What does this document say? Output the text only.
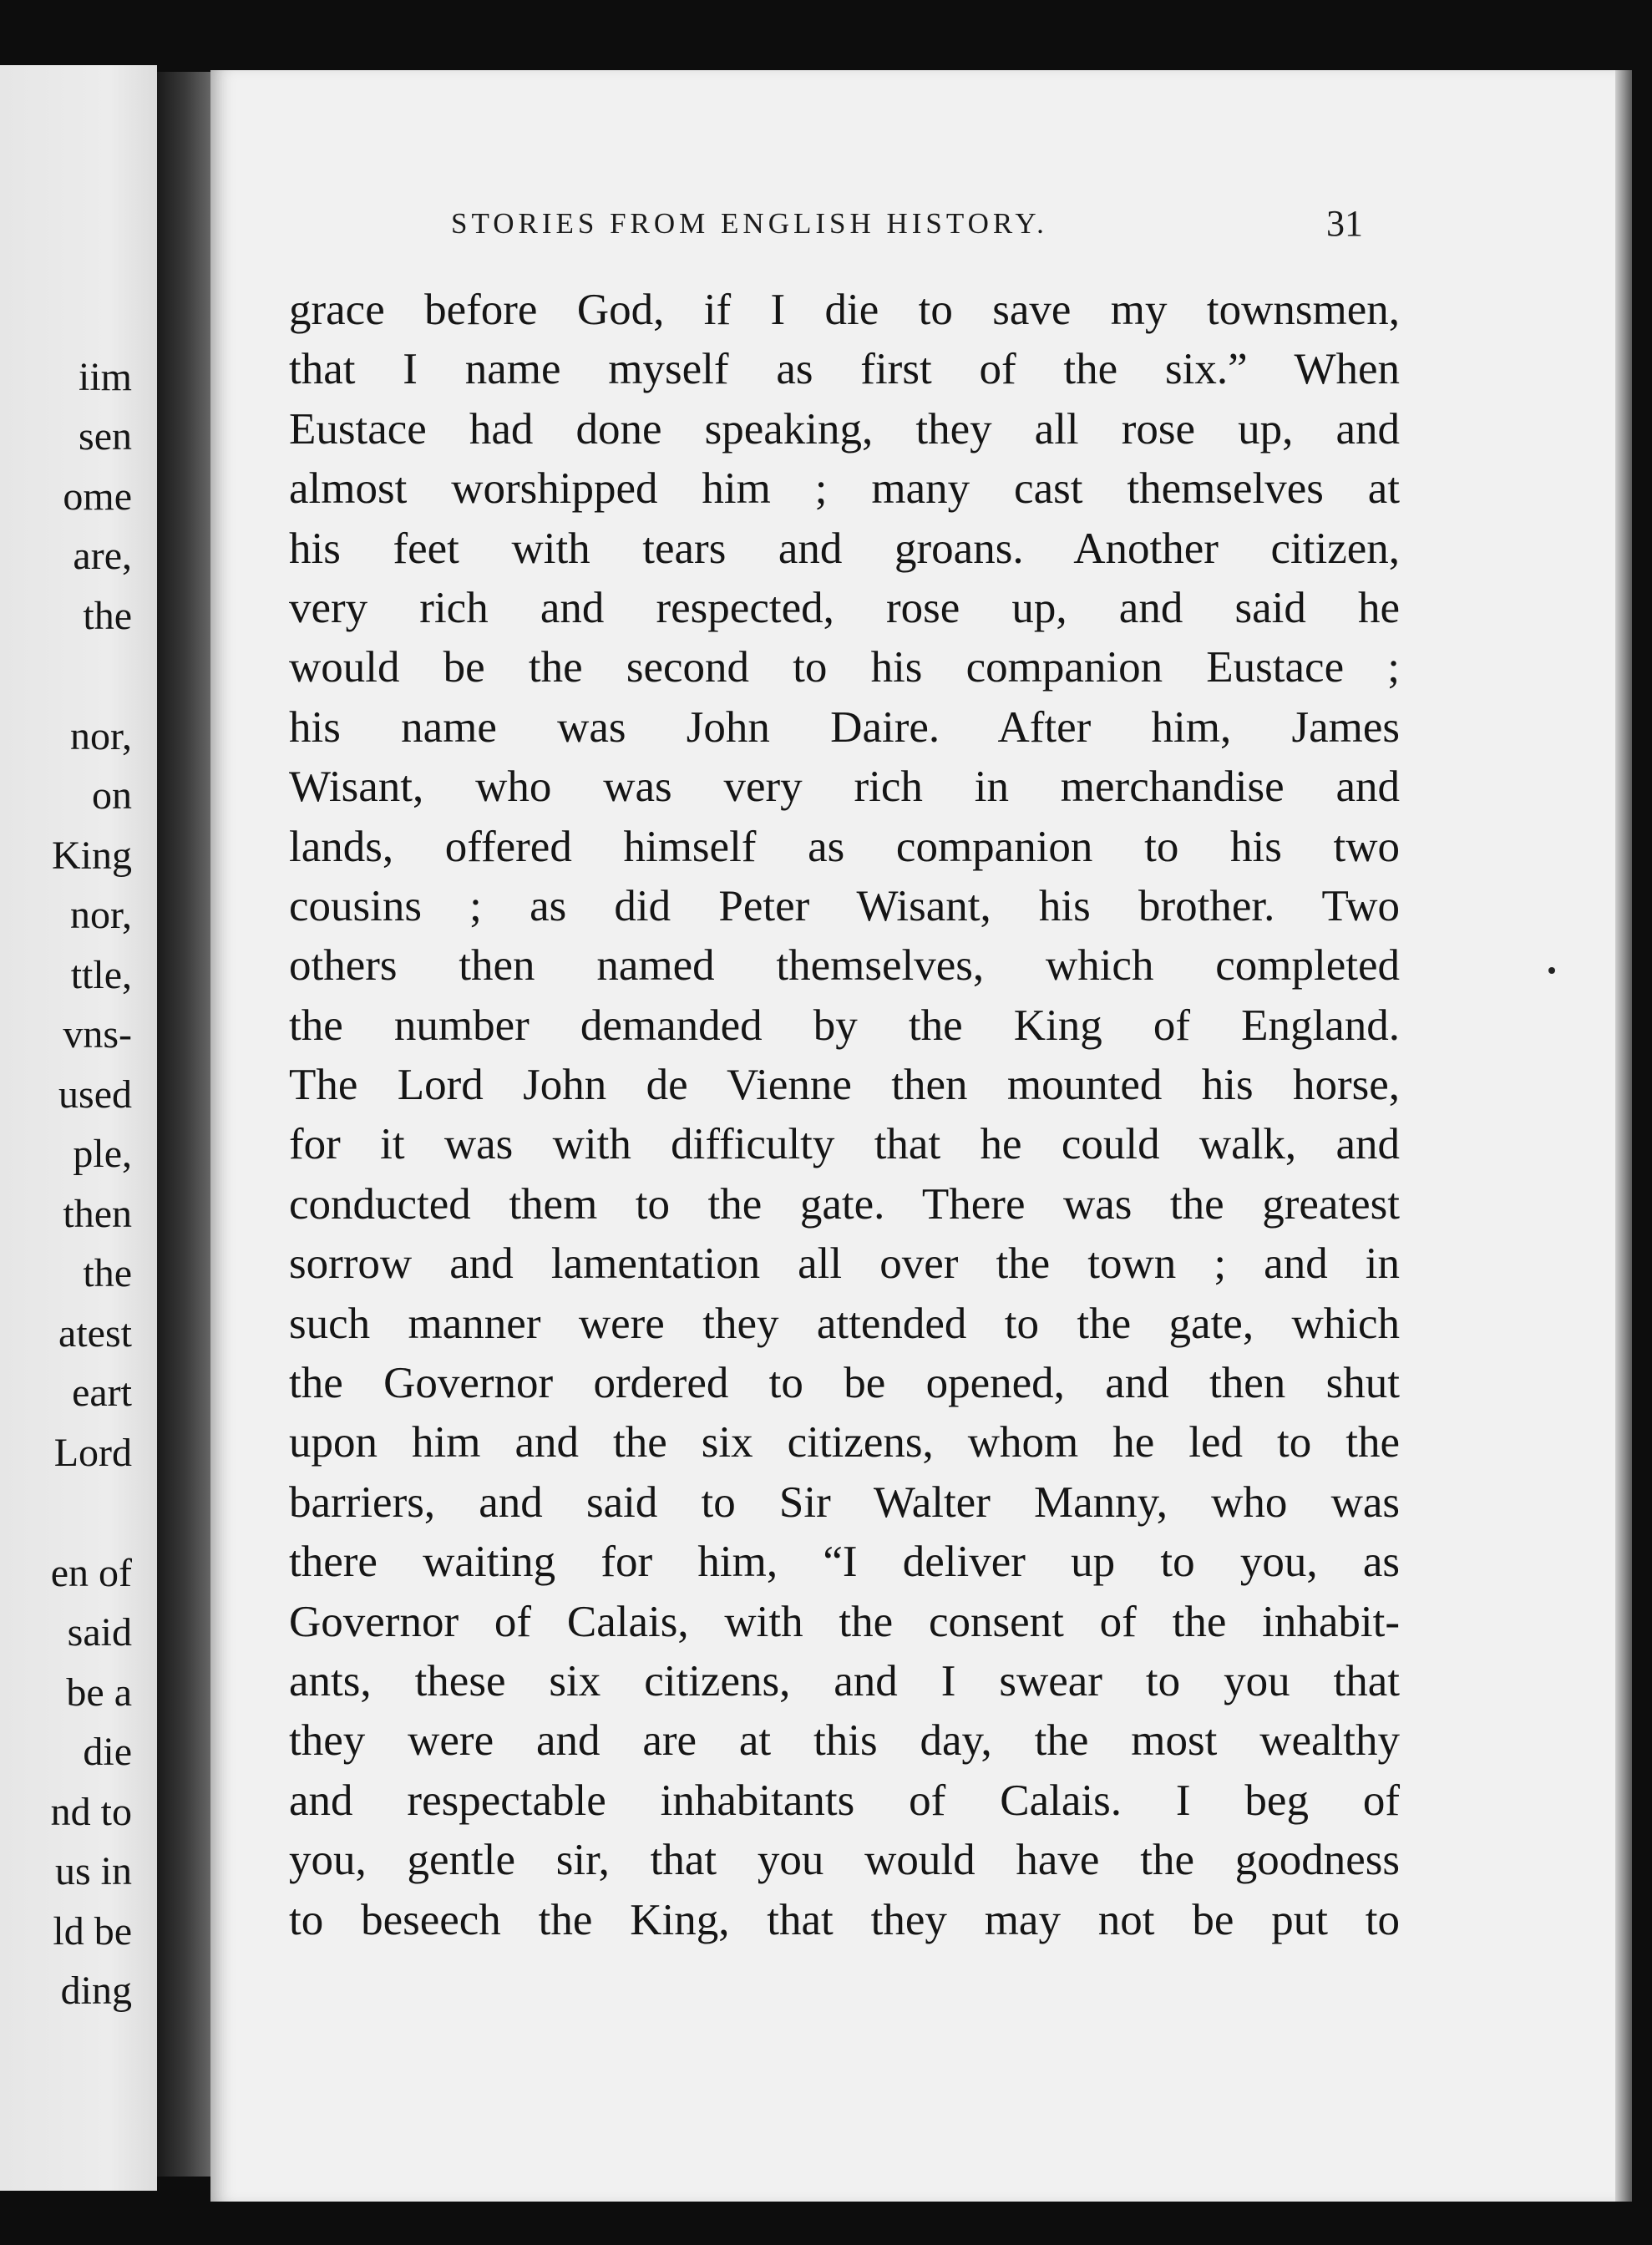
iim
sen
ome
are,
the
nor,
on
King
nor,
ttle,
vns-
used
ple,
then
the
atest
eart
Lord
en of
said
be a
die
nd to
us in
ld be
ding
STORIES FROM ENGLISH HISTORY.	31
grace before God, if I die to save my townsmen,
that I name myself as first of the six.” When
Eustace had done speaking, they all rose up, and
almost worshipped him ; many cast themselves at
his feet with tears and groans. Another citizen,
very rich and respected, rose up, and said he
would be the second to his companion Eustace ;
his name was John Daire. After him, James
Wisant, who was very rich in merchandise and
lands, offered himself as companion to his two
cousins ; as did Peter Wisant, his brother. Two
others then named themselves, which completed
the number demanded by the King of England.
The Lord John de Vienne then mounted his horse,
for it was with difficulty that he could walk, and
conducted them to the gate. There was the greatest
sorrow and lamentation all over the town ; and in
such manner were they attended to the gate, which
the Governor ordered to be opened, and then shut
upon him and the six citizens, whom he led to the
barriers, and said to Sir Walter Manny, who was
there waiting for him, “I deliver up to you, as
Governor of Calais, with the consent of the inhabit-
ants, these six citizens, and I swear to you that
they were and are at this day, the most wealthy
and respectable inhabitants of Calais. I beg of
you, gentle sir, that you would have the goodness
to beseech the King, that they may not be put to
